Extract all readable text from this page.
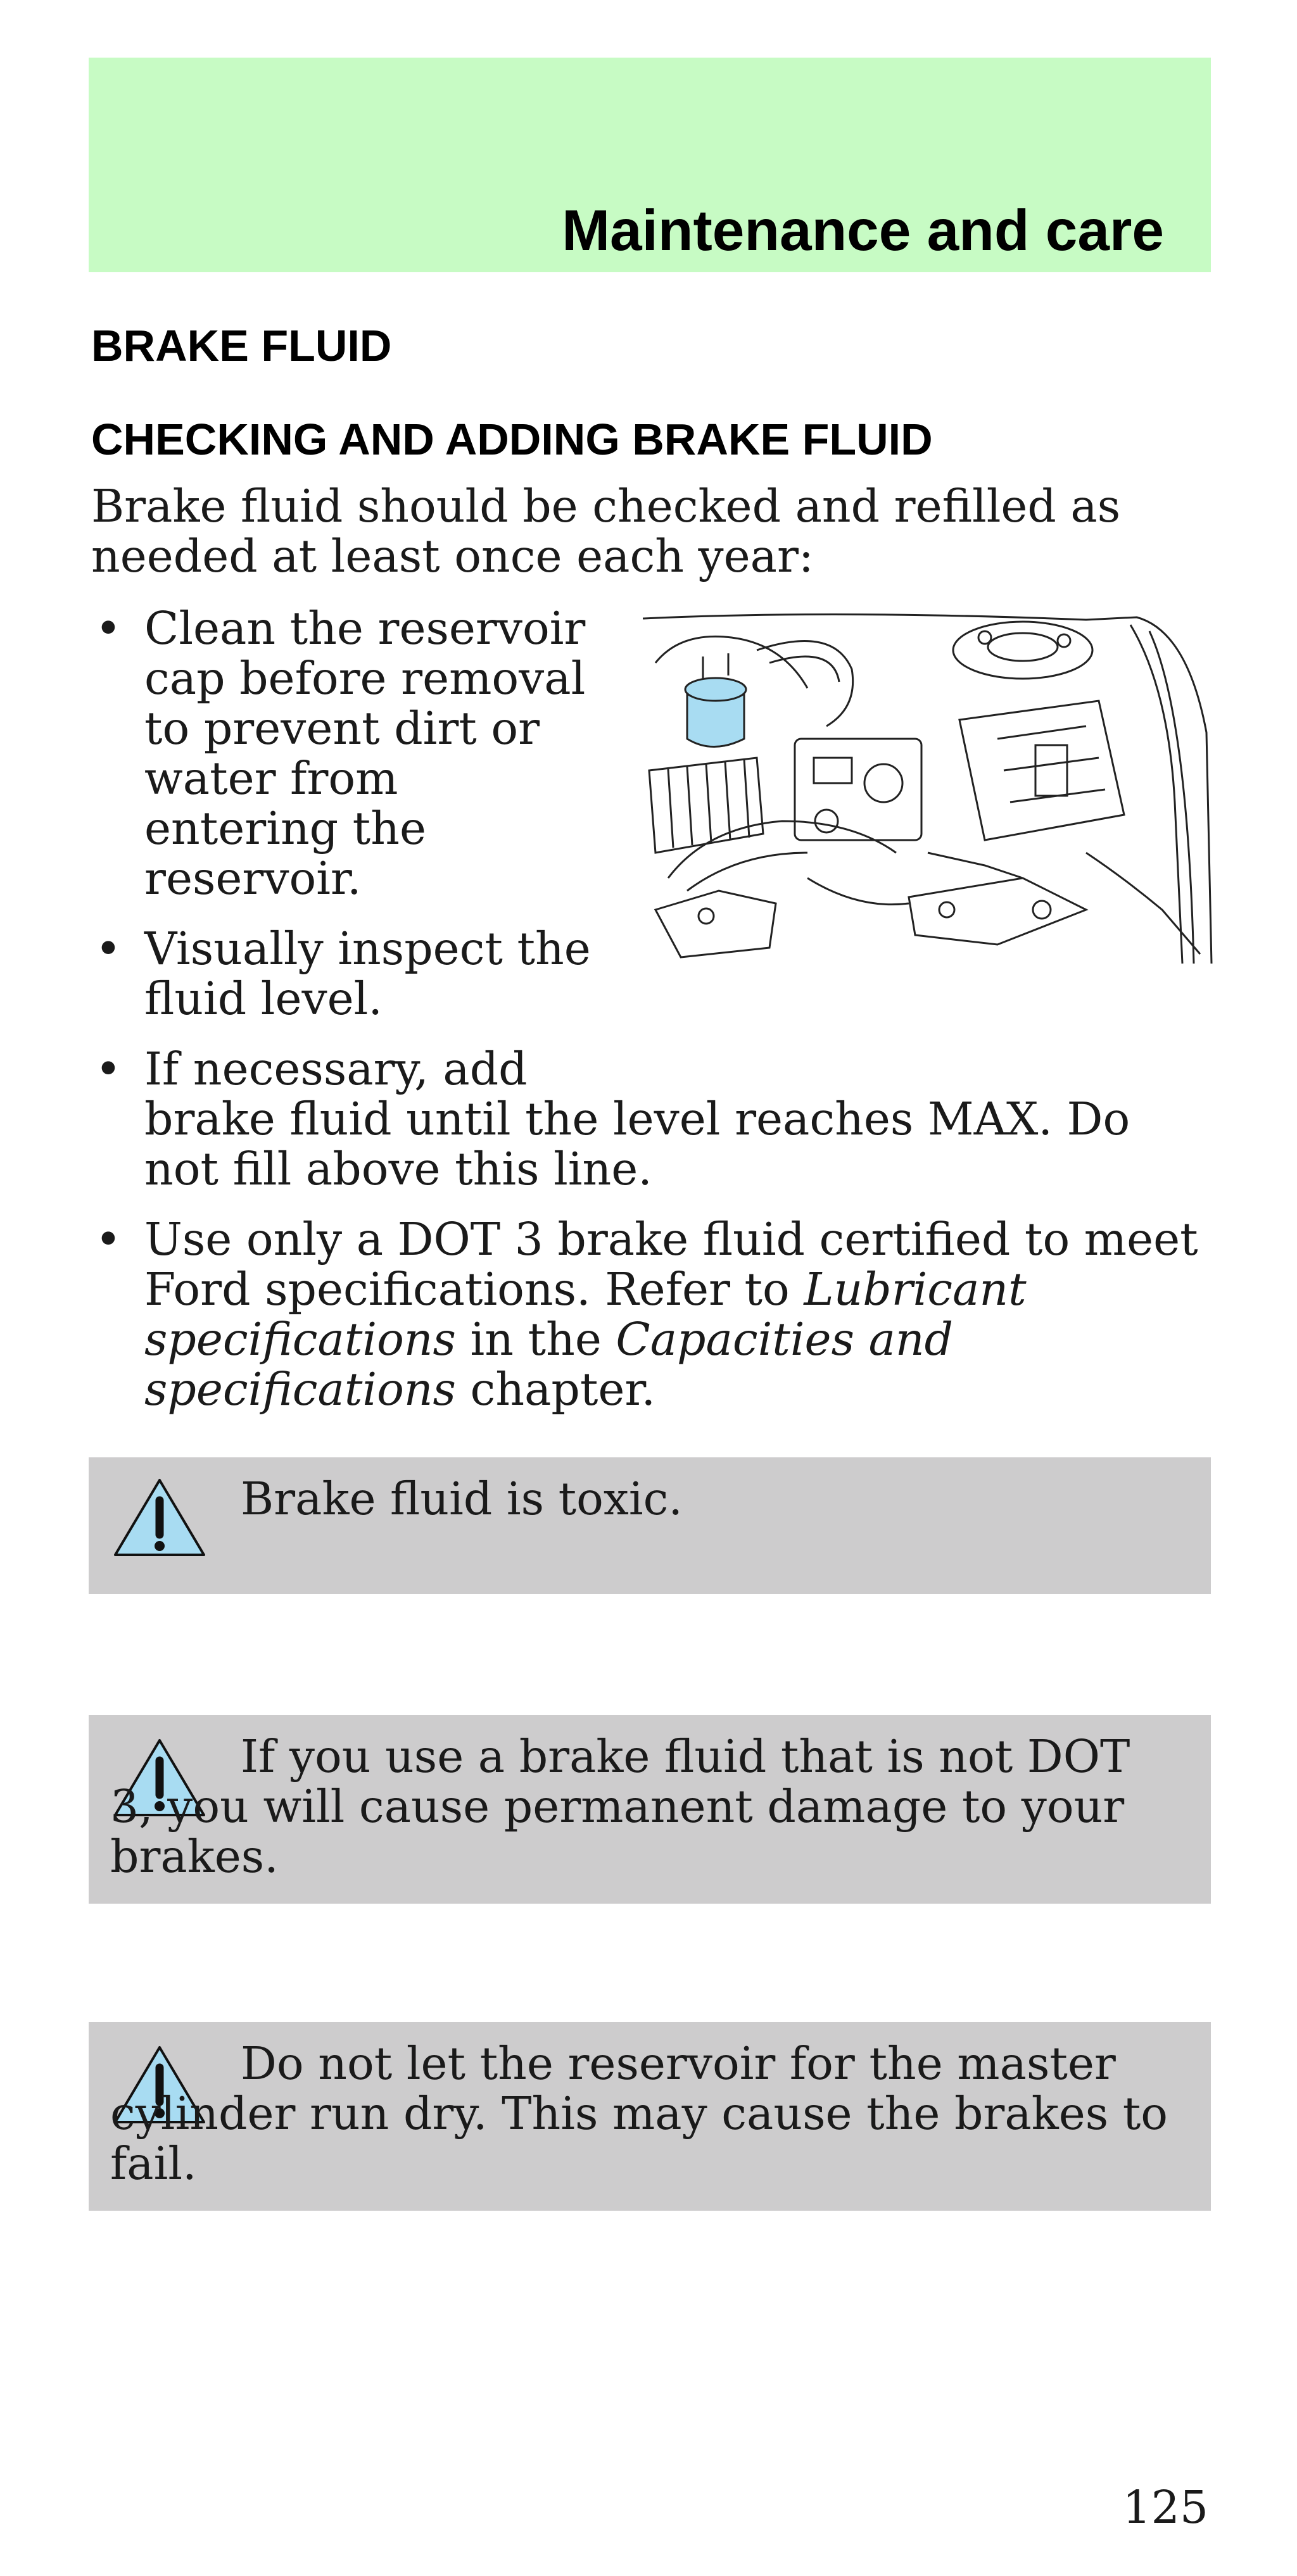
Maintenance and care
BRAKE FLUID
CHECKING AND ADDING BRAKE FLUID
Brake fluid should be checked and refilled as needed at least once each year:
• Clean the reservoir cap before removal to prevent dirt or water from entering the reservoir.
• Visually inspect the fluid level.
• If necessary, add
brake fluid until the level reaches MAX. Do not fill above this line.
• Use only a DOT 3 brake fluid certified to meet Ford specifications. Refer to Lubricant specifications in the Capacities and specifications chapter.
Brake fluid is toxic.
If you use a brake fluid that is not DOT 3, you will cause permanent damage to your brakes.
Do not let the reservoir for the master cylinder run dry. This may cause the brakes to fail.
125
